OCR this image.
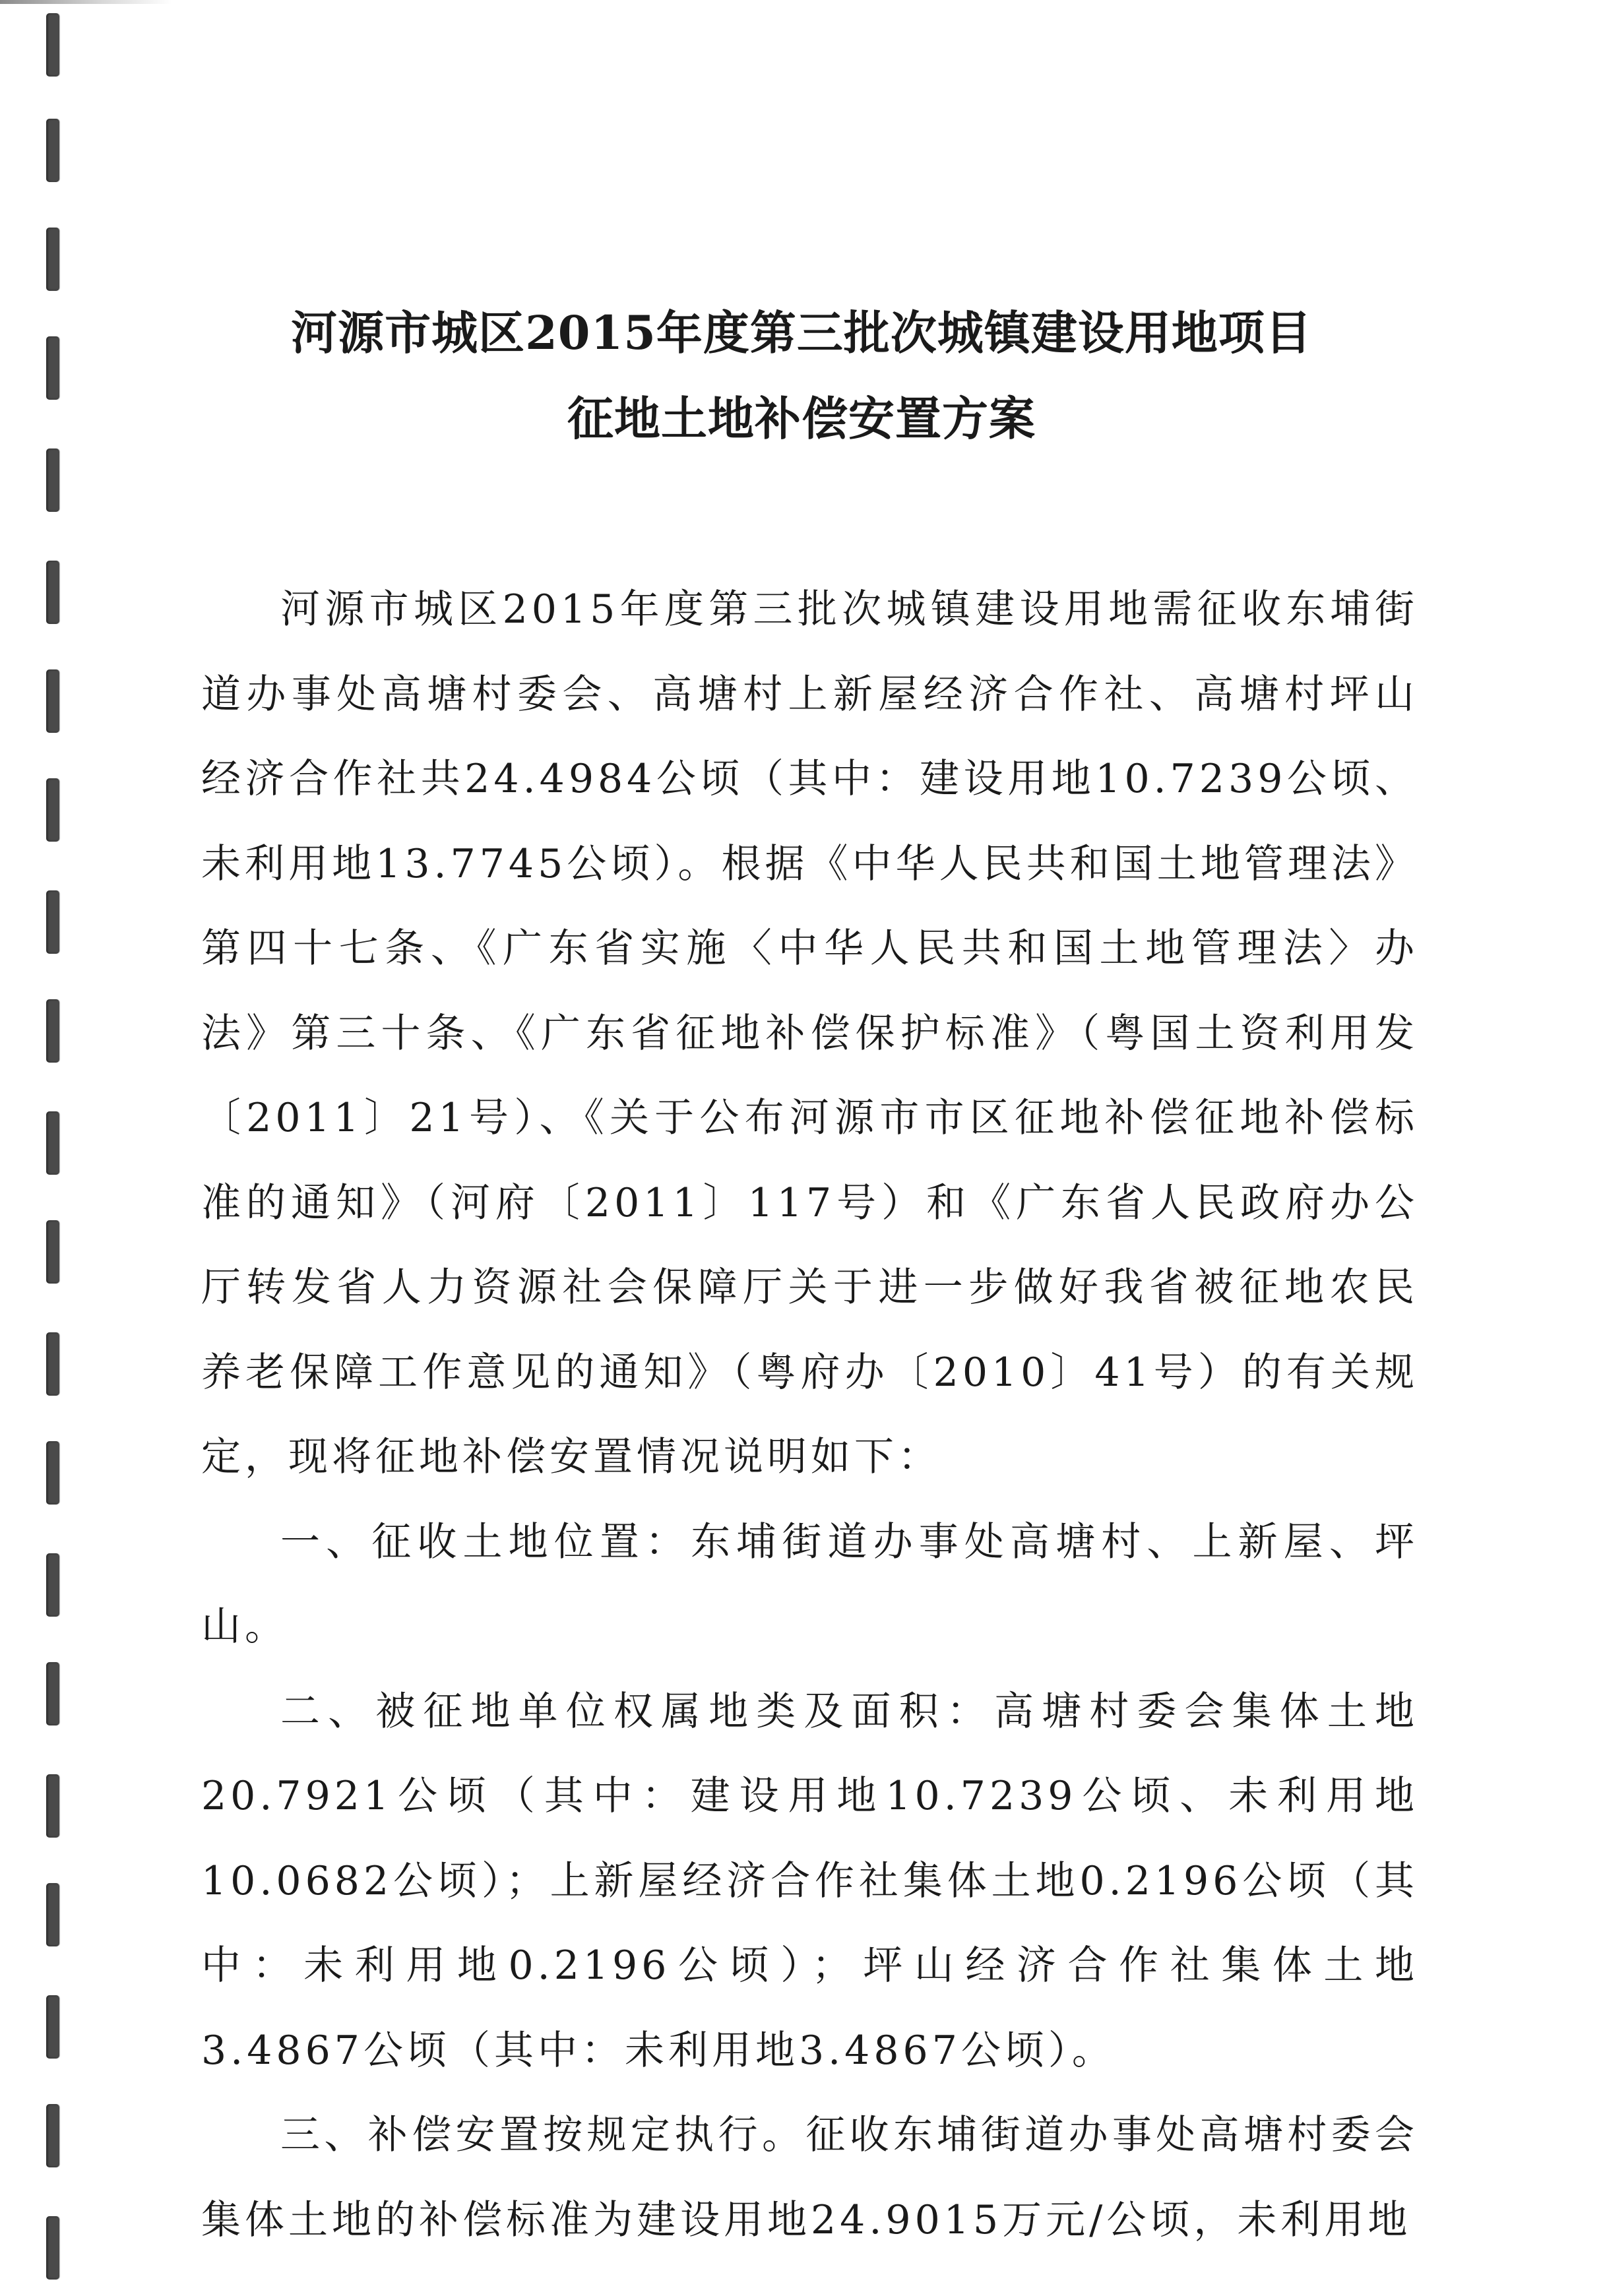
河源市城区2015年度第三批次城镇建设用地项目
征地土地补偿安置方案

河源市城区2015年度第三批次城镇建设用地需征收东埔街道办事处高塘村委会、高塘村上新屋经济合作社、高塘村坪山经济合作社共24.4984公顷（其中：建设用地10.7239公顷、未利用地13.7745公顷）。根据《中华人民共和国土地管理法》第四十七条、《广东省实施〈中华人民共和国土地管理法〉办法》第三十条、《广东省征地补偿保护标准》（粤国土资利用发〔2011〕21号）、《关于公布河源市市区征地补偿征地补偿标准的通知》（河府〔2011〕117号）和《广东省人民政府办公厅转发省人力资源社会保障厅关于进一步做好我省被征地农民养老保障工作意见的通知》（粤府办〔2010〕41号）的有关规定，现将征地补偿安置情况说明如下：

一、征收土地位置：东埔街道办事处高塘村、上新屋、坪山。

二、被征地单位权属地类及面积：高塘村委会集体土地20.7921公顷（其中：建设用地10.7239公顷、未利用地10.0682公顷）；上新屋经济合作社集体土地0.2196公顷（其中：未利用地0.2196公顷）；坪山经济合作社集体土地3.4867公顷（其中：未利用地3.4867公顷）。

三、补偿安置按规定执行。征收东埔街道办事处高塘村委会集体土地的补偿标准为建设用地24.9015万元/公顷，未利用地
